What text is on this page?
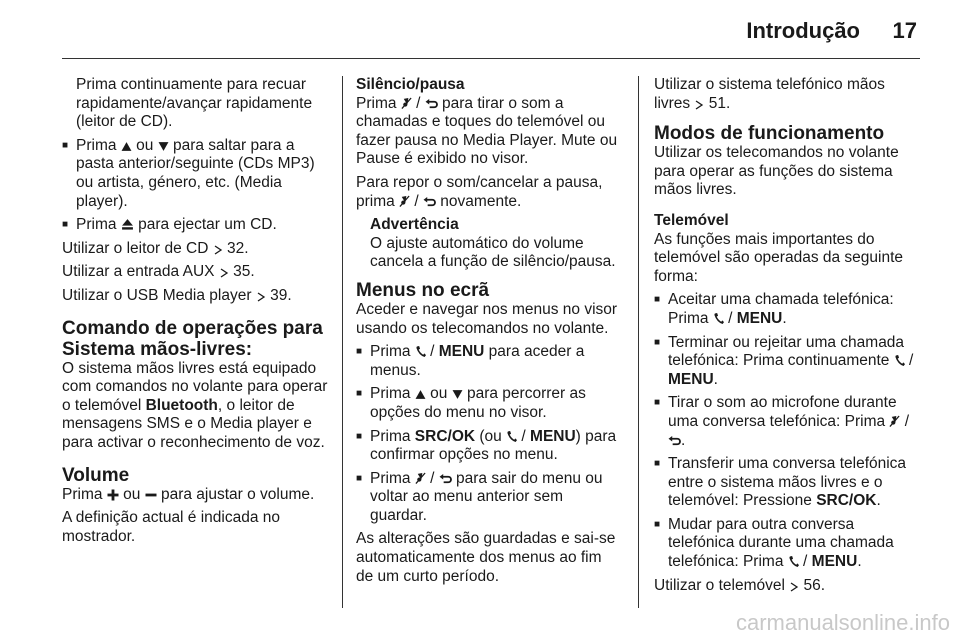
Introdução 17

Prima continuamente para recuar rapidamente/avançar rapidamente (leitor de CD).

■
Prima  ou  para saltar para a pasta anterior/seguinte (CDs MP3) ou artista, género, etc. (Media player).
■
Prima  para ejectar um CD.

Utilizar o leitor de CD  32.

Utilizar a entrada AUX  35.

Utilizar o USB Media player  39.

Comando de operações para Sistema mãos-livres:

O sistema mãos livres está equipado com comandos no volante para operar o telemóvel Bluetooth, o leitor de mensagens SMS e o Media player e para activar o reconhecimento de voz.

Volume

Prima  ou  para ajustar o volume.

A definição actual é indicada no mostrador.

Silêncio/pausa

Prima  /  para tirar o som a chamadas e toques do telemóvel ou fazer pausa no Media Player. Mute ou Pause é exibido no visor.

Para repor o som/cancelar a pausa, prima  /  novamente.

Advertência

O ajuste automático do volume cancela a função de silêncio/pausa.

Menus no ecrã

Aceder e navegar nos menus no visor usando os telecomandos no volante.

■
Prima  / MENU para aceder a menus.
■
Prima  ou  para percorrer as opções do menu no visor.
■
Prima SRC/OK (ou  / MENU) para confirmar opções no menu.
■
Prima  /  para sair do menu ou voltar ao menu anterior sem guardar.

As alterações são guardadas e sai-se automaticamente dos menus ao fim de um curto período.

Utilizar o sistema telefónico mãos livres  51.

Modos de funcionamento

Utilizar os telecomandos no volante para operar as funções do sistema mãos livres.

Telemóvel

As funções mais importantes do telemóvel são operadas da seguinte forma:

■
Aceitar uma chamada telefónica: Prima  / MENU.
■
Terminar ou rejeitar uma chamada telefónica: Prima continuamente  / MENU.
■
Tirar o som ao microfone durante uma conversa telefónica: Prima  / .
■
Transferir uma conversa telefónica entre o sistema mãos livres e o telemóvel: Pressione SRC/OK.
■
Mudar para outra conversa telefónica durante uma chamada telefónica: Prima  / MENU.

Utilizar o telemóvel  56.

carmanualsonline.info
